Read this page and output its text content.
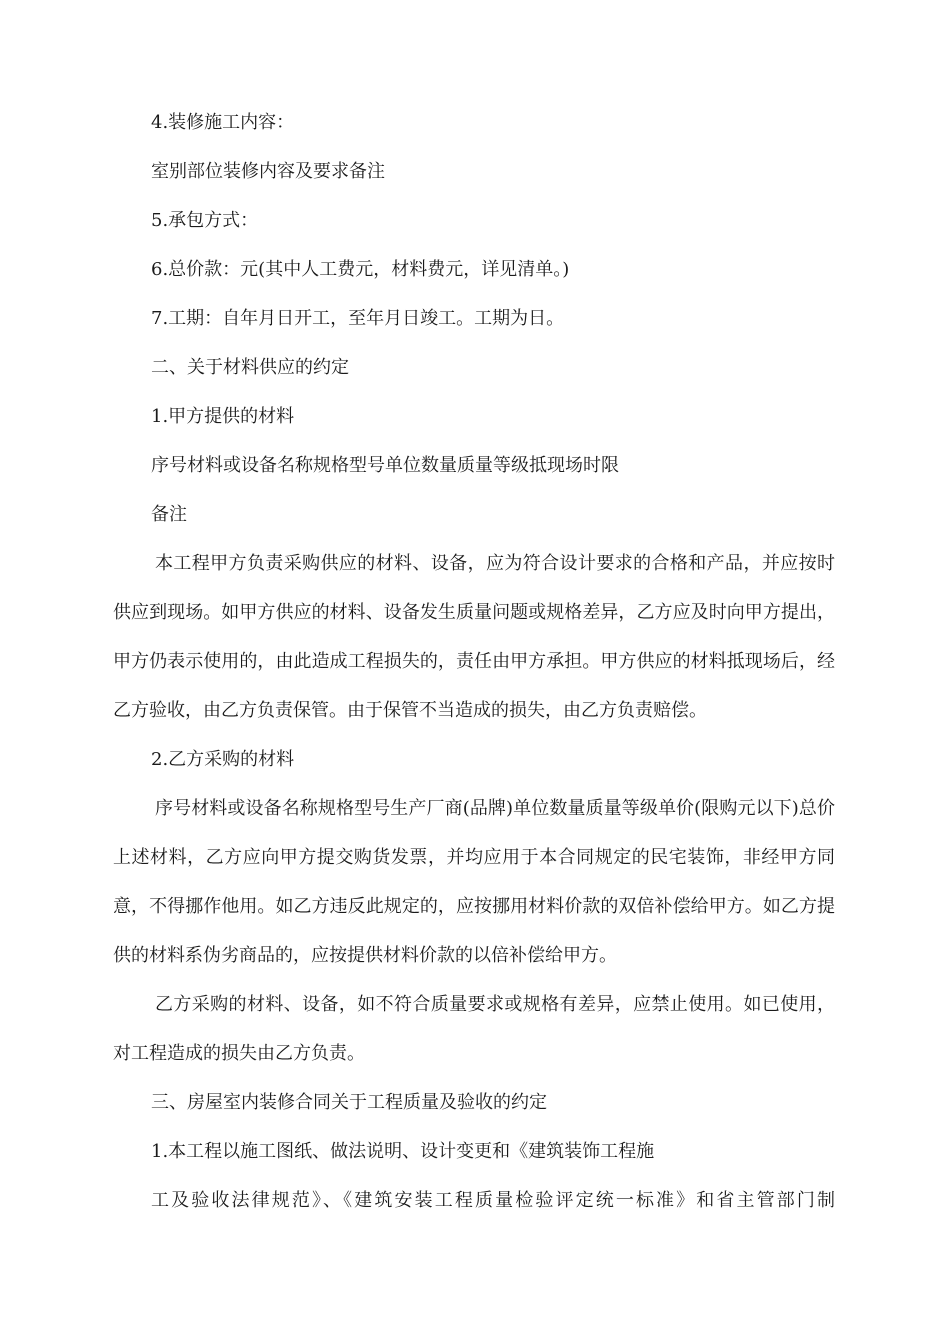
4.装修施工内容：

室别部位装修内容及要求备注

5.承包方式：

6.总价款：元(其中人工费元，材料费元，详见清单。)

7.工期：自年月日开工，至年月日竣工。工期为日。

二、关于材料供应的约定

1.甲方提供的材料

序号材料或设备名称规格型号单位数量质量等级抵现场时限

备注

本工程甲方负责采购供应的材料、设备，应为符合设计要求的合格和产品，并应按时供应到现场。如甲方供应的材料、设备发生质量问题或规格差异，乙方应及时向甲方提出，甲方仍表示使用的，由此造成工程损失的，责任由甲方承担。甲方供应的材料抵现场后，经乙方验收，由乙方负责保管。由于保管不当造成的损失，由乙方负责赔偿。

2.乙方采购的材料

序号材料或设备名称规格型号生产厂商(品牌)单位数量质量等级单价(限购元以下)总价上述材料，乙方应向甲方提交购货发票，并均应用于本合同规定的民宅装饰，非经甲方同意，不得挪作他用。如乙方违反此规定的，应按挪用材料价款的双倍补偿给甲方。如乙方提供的材料系伪劣商品的，应按提供材料价款的以倍补偿给甲方。

乙方采购的材料、设备，如不符合质量要求或规格有差异，应禁止使用。如已使用，对工程造成的损失由乙方负责。

三、房屋室内装修合同关于工程质量及验收的约定

1.本工程以施工图纸、做法说明、设计变更和《建筑装饰工程施

工及验收法律规范》、《建筑安装工程质量检验评定统一标准》和省主管部门制
